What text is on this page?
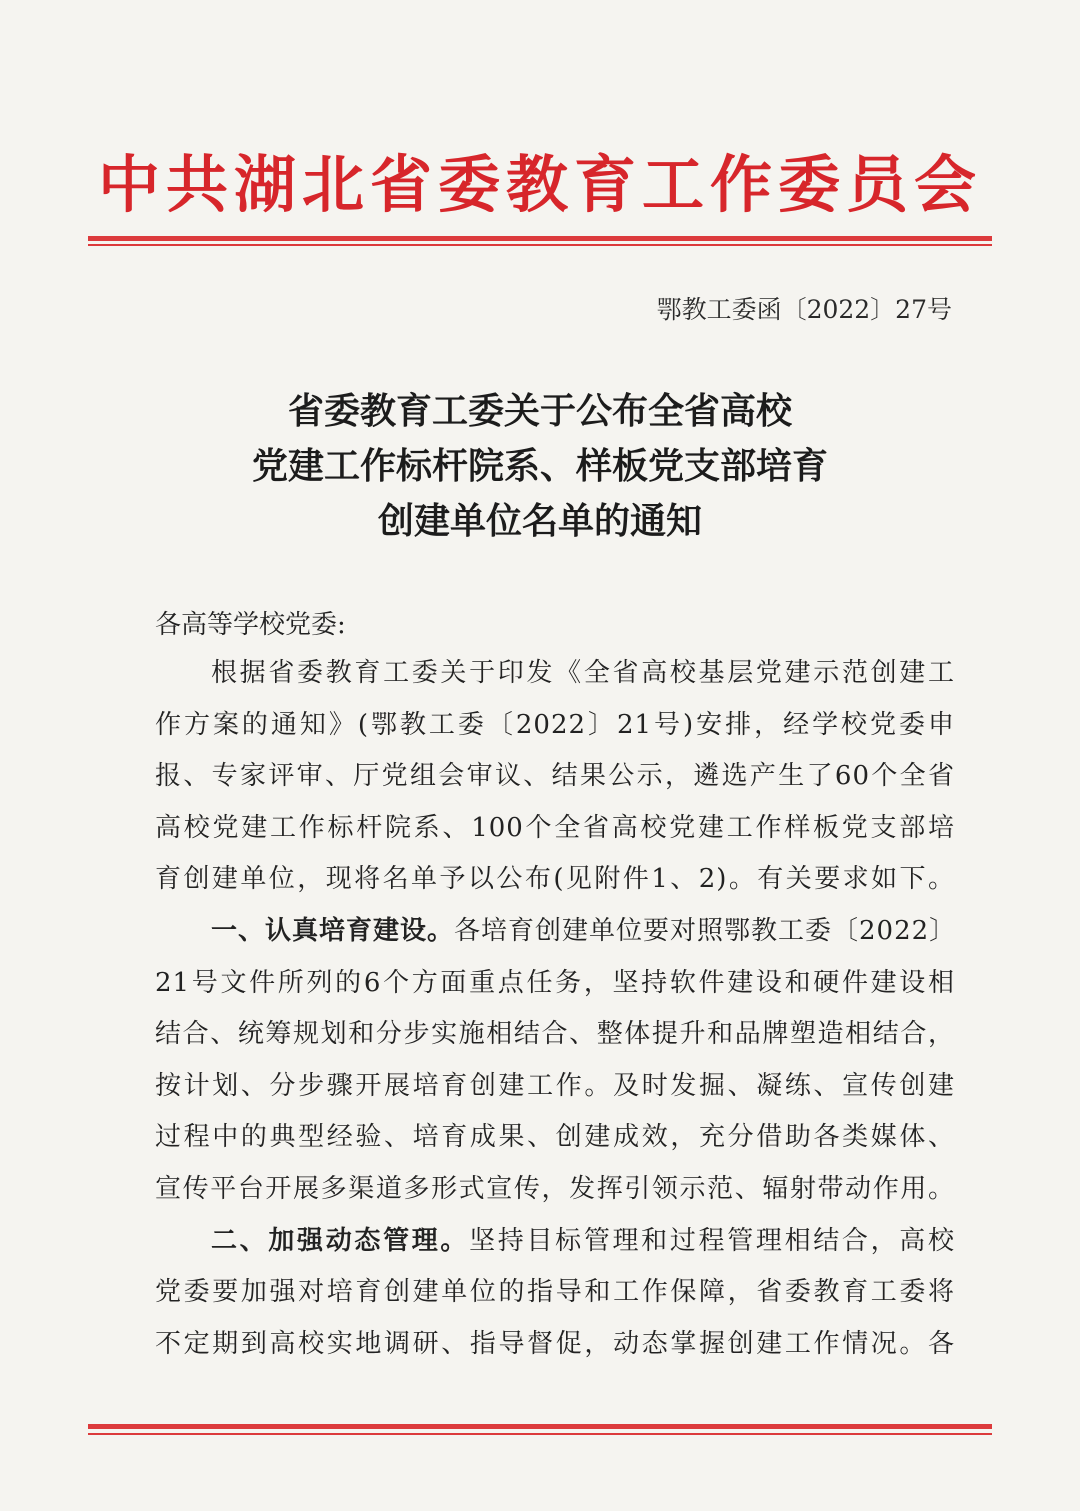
中共湖北省委教育工作委员会
鄂教工委函〔2022〕27号
省委教育工委关于公布全省高校
党建工作标杆院系、样板党支部培育
创建单位名单的通知
各高等学校党委:
根据省委教育工委关于印发《全省高校基层党建示范创建工
作方案的通知》(鄂教工委〔2022〕21号)安排，经学校党委申
报、专家评审、厅党组会审议、结果公示，遴选产生了60个全省
高校党建工作标杆院系、100个全省高校党建工作样板党支部培
育创建单位，现将名单予以公布(见附件1、2)。有关要求如下。
一、认真培育建设。各培育创建单位要对照鄂教工委〔2022〕
21号文件所列的6个方面重点任务，坚持软件建设和硬件建设相
结合、统筹规划和分步实施相结合、整体提升和品牌塑造相结合，
按计划、分步骤开展培育创建工作。及时发掘、凝练、宣传创建
过程中的典型经验、培育成果、创建成效，充分借助各类媒体、
宣传平台开展多渠道多形式宣传，发挥引领示范、辐射带动作用。
二、加强动态管理。坚持目标管理和过程管理相结合，高校
党委要加强对培育创建单位的指导和工作保障，省委教育工委将
不定期到高校实地调研、指导督促，动态掌握创建工作情况。各
